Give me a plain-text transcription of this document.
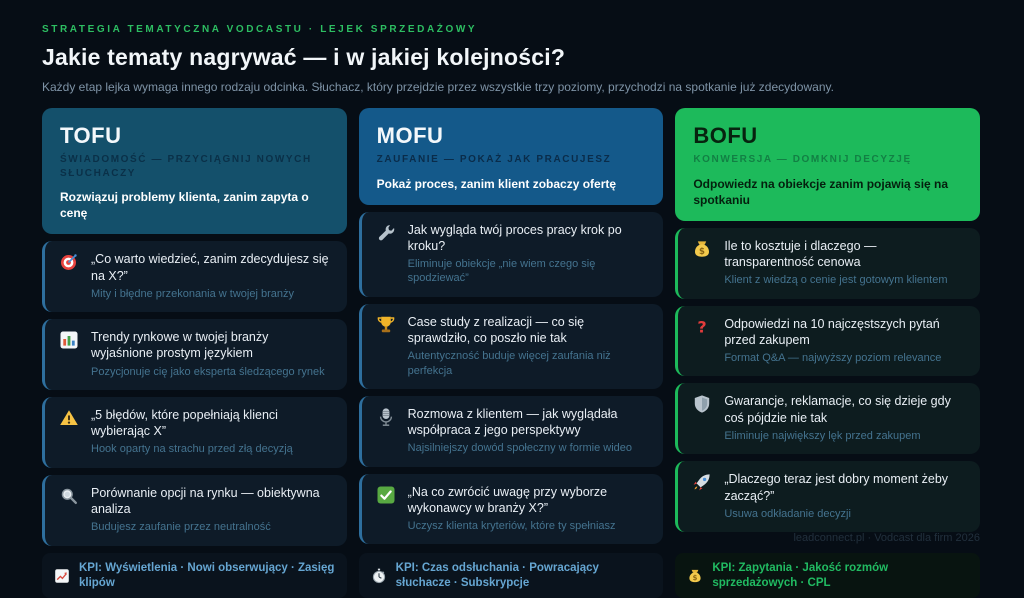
STRATEGIA TEMATYCZNA VODCASTU · LEJEK SPRZEDAŻOWY
Jakie tematy nagrywać — i w jakiej kolejności?
Każdy etap lejka wymaga innego rodzaju odcinka. Słuchacz, który przejdzie przez wszystkie trzy poziomy, przychodzi na spotkanie już zdecydowany.
TOFU
ŚWIADOMOŚĆ — PRZYCIĄGNIJ NOWYCH SŁUCHACZY
Rozwiązuj problemy klienta, zanim zapyta o cenę
„Co warto wiedzieć, zanim zdecydujesz się na X?”
Mity i błędne przekonania w twojej branży
Trendy rynkowe w twojej branży wyjaśnione prostym językiem
Pozycjonuje cię jako eksperta śledzącego rynek
„5 błędów, które popełniają klienci wybierając X”
Hook oparty na strachu przed złą decyzją
Porównanie opcji na rynku — obiektywna analiza
Budujesz zaufanie przez neutralność
KPI: Wyświetlenia · Nowi obserwujący · Zasięg klipów
MOFU
ZAUFANIE — POKAŻ JAK PRACUJESZ
Pokaż proces, zanim klient zobaczy ofertę
Jak wygląda twój proces pracy krok po kroku?
Eliminuje obiekcje „nie wiem czego się spodziewać”
Case study z realizacji — co się sprawdziło, co poszło nie tak
Autentyczność buduje więcej zaufania niż perfekcja
Rozmowa z klientem — jak wyglądała współpraca z jego perspektywy
Najsilniejszy dowód społeczny w formie wideo
„Na co zwrócić uwagę przy wyborze wykonawcy w branży X?”
Uczysz klienta kryteriów, które ty spełniasz
KPI: Czas odsłuchania · Powracający słuchacze · Subskrypcje
BOFU
KONWERSJA — DOMKNIJ DECYZJĘ
Odpowiedz na obiekcje zanim pojawią się na spotkaniu
Ile to kosztuje i dlaczego — transparentność cenowa
Klient z wiedzą o cenie jest gotowym klientem
Odpowiedzi na 10 najczęstszych pytań przed zakupem
Format Q&A — najwyższy poziom relevance
Gwarancje, reklamacje, co się dzieje gdy coś pójdzie nie tak
Eliminuje największy lęk przed zakupem
„Dlaczego teraz jest dobry moment żeby zacząć?”
Usuwa odkładanie decyzji
KPI: Zapytania · Jakość rozmów sprzedażowych · CPL
leadconnect.pl · Vodcast dla firm 2026
